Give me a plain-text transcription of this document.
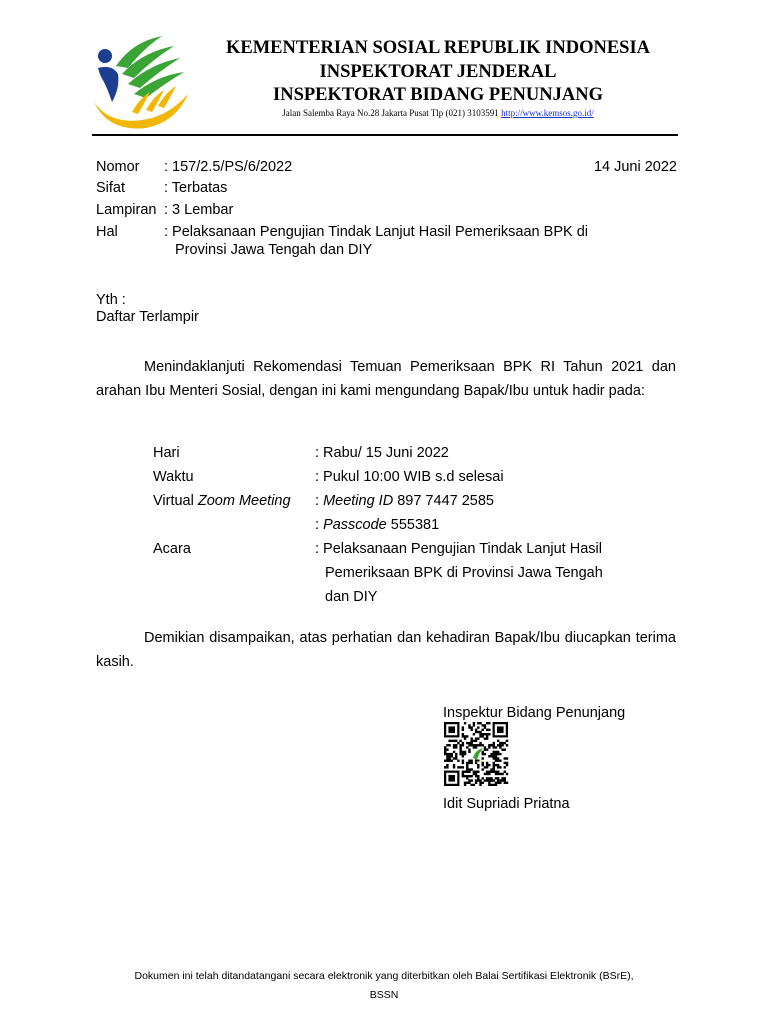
KEMENTERIAN SOSIAL REPUBLIK INDONESIA
INSPEKTORAT JENDERAL
INSPEKTORAT BIDANG PENUNJANG
Jalan Salemba Raya No.28 Jakarta Pusat Tlp (021) 3103591 http://www.kemsos.go.id/
Nomor : 157/2.5/PS/6/2022	14 Juni 2022
Sifat	: Terbatas
Lampiran : 3 Lembar
Hal	: Pelaksanaan Pengujian Tindak Lanjut Hasil Pemeriksaan BPK di
Provinsi Jawa Tengah dan DIY
Yth :
Daftar Terlampir
Menindaklanjuti Rekomendasi Temuan Pemeriksaan BPK RI Tahun 2021 dan arahan Ibu Menteri Sosial, dengan ini kami mengundang Bapak/Ibu untuk hadir pada:
Hari	: Rabu/ 15 Juni 2022
Waktu	: Pukul 10:00 WIB s.d selesai
Virtual Zoom Meeting : Meeting ID 897 7447 2585
: Passcode 555381
Acara	: Pelaksanaan Pengujian Tindak Lanjut Hasil
Pemeriksaan BPK di Provinsi Jawa Tengah
dan DIY
Demikian disampaikan, atas perhatian dan kehadiran Bapak/Ibu diucapkan terima kasih.
Inspektur Bidang Penunjang
Idit Supriadi Priatna
Dokumen ini telah ditandatangani secara elektronik yang diterbitkan oleh Balai Sertifikasi Elektronik (BSrE),
BSSN
